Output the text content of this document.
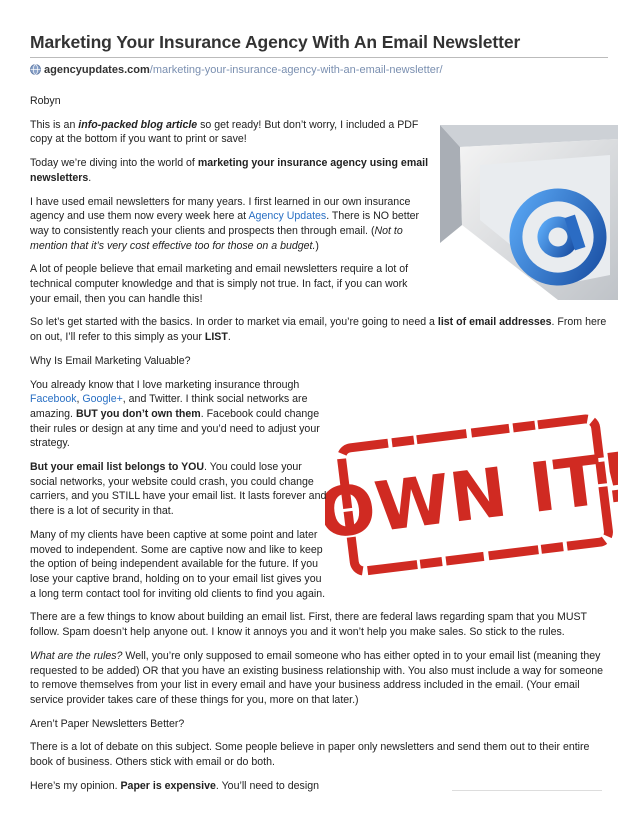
Marketing Your Insurance Agency With An Email Newsletter
agencyupdates.com/marketing-your-insurance-agency-with-an-email-newsletter/
@
OWN IT!

Robyn

This is an info-packed blog article so get ready! But don’t worry, I included a PDF copy at the bottom if you want to print or save!

Today we’re diving into the world of marketing your insurance agency using email newsletters.

I have used email newsletters for many years. I first learned in our own insurance agency and use them now every week here at Agency Updates. There is NO better way to consistently reach your clients and prospects then through email. (Not to mention that it’s very cost effective too for those on a budget.)

A lot of people believe that email marketing and email newsletters require a lot of technical computer knowledge and that is simply not true. In fact, if you can work your email, then you can handle this!

So let’s get started with the basics. In order to market via email, you’re going to need a list of email addresses. From here on out, I’ll refer to this simply as your LIST.

Why Is Email Marketing Valuable?

You already know that I love marketing insurance through Facebook, Google+, and Twitter. I think social networks are amazing. BUT you don’t own them. Facebook could change their rules or design at any time and you’d need to adjust your strategy.

But your email list belongs to YOU. You could lose your social networks, your website could crash, you could change carriers, and you STILL have your email list. It lasts forever and there is a lot of security in that.

Many of my clients have been captive at some point and later moved to independent. Some are captive now and like to keep the option of being independent available for the future. If you lose your captive brand, holding on to your email list gives you a long term contact tool for inviting old clients to find you again.

There are a few things to know about building an email list. First, there are federal laws regarding spam that you MUST follow. Spam doesn’t help anyone out. I know it annoys you and it won’t help you make sales. So stick to the rules.

What are the rules? Well, you’re only supposed to email someone who has either opted in to your email list (meaning they requested to be added) OR that you have an existing business relationship with. You also must include a way for someone to remove themselves from your list in every email and have your business address included in the email. (Your email service provider takes care of these things for you, more on that later.)

Aren’t Paper Newsletters Better?

There is a lot of debate on this subject. Some people believe in paper only newsletters and send them out to their entire book of business. Others stick with email or do both.

Here’s my opinion. Paper is expensive. You’ll need to design
